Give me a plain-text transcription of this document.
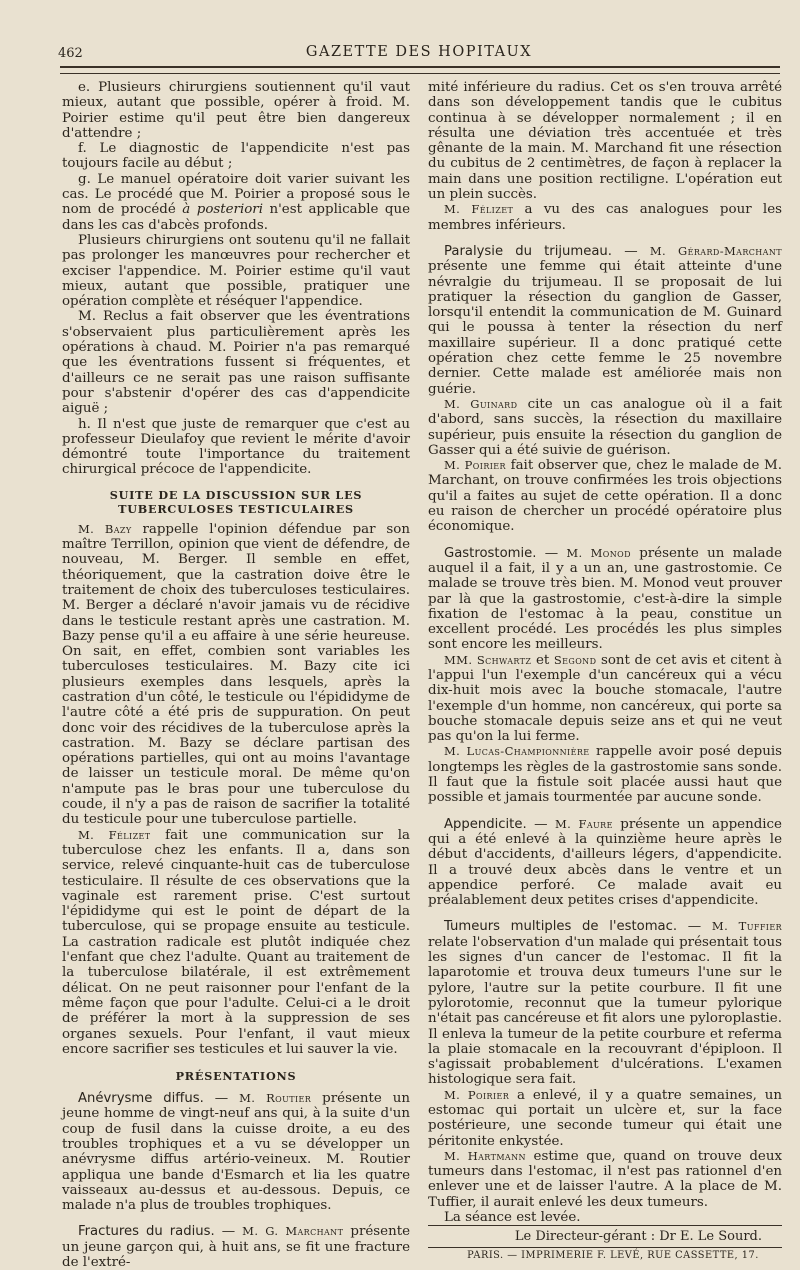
462	GAZETTE DES HOPITAUX

e. Plusieurs chirurgiens soutiennent qu'il vaut mieux, autant que possible, opérer à froid. M. Poirier estime qu'il peut être bien dangereux d'attendre ;

f. Le diagnostic de l'appendicite n'est pas toujours facile au début ;

g. Le manuel opératoire doit varier suivant les cas. Le procédé que M. Poirier a proposé sous le nom de procédé à posteriori n'est applicable que dans les cas d'abcès profonds.

Plusieurs chirurgiens ont soutenu qu'il ne fallait pas prolonger les manœuvres pour rechercher et exciser l'appendice. M. Poirier estime qu'il vaut mieux, autant que possible, pratiquer une opération complète et réséquer l'appendice.

M. Reclus a fait observer que les éventrations s'observaient plus particulièrement après les opérations à chaud. M. Poirier n'a pas remarqué que les éventrations fussent si fréquentes, et d'ailleurs ce ne serait pas une raison suffisante pour s'abstenir d'opérer des cas d'appendicite aiguë ;

h. Il n'est que juste de remarquer que c'est au professeur Dieulafoy que revient le mérite d'avoir démontré toute l'importance du traitement chirurgical précoce de l'appendicite.

SUITE DE LA DISCUSSION SUR LES TUBERCULOSES TESTICULAIRES

M. Bazy rappelle l'opinion défendue par son maître Terrillon, opinion que vient de défendre, de nouveau, M. Berger. Il semble en effet, théoriquement, que la castration doive être le traitement de choix des tuberculoses testiculaires. M. Berger a déclaré n'avoir jamais vu de récidive dans le testicule restant après une castration. M. Bazy pense qu'il a eu affaire à une série heureuse. On sait, en effet, combien sont variables les tuberculoses testiculaires. M. Bazy cite ici plusieurs exemples dans lesquels, après la castration d'un côté, le testicule ou l'épididyme de l'autre côté a été pris de suppuration. On peut donc voir des récidives de la tuberculose après la castration. M. Bazy se déclare partisan des opérations partielles, qui ont au moins l'avantage de laisser un testicule moral. De même qu'on n'ampute pas le bras pour une tuberculose du coude, il n'y a pas de raison de sacrifier la totalité du testicule pour une tuberculose partielle.

M. Félizet fait une communication sur la tuberculose chez les enfants. Il a, dans son service, relevé cinquante-huit cas de tuberculose testiculaire. Il résulte de ces observations que la vaginale est rarement prise. C'est surtout l'épididyme qui est le point de départ de la tuberculose, qui se propage ensuite au testicule. La castration radicale est plutôt indiquée chez l'enfant que chez l'adulte. Quant au traitement de la tuberculose bilatérale, il est extrêmement délicat. On ne peut raisonner pour l'enfant de la même façon que pour l'adulte. Celui-ci a le droit de préférer la mort à la suppression de ses organes sexuels. Pour l'enfant, il vaut mieux encore sacrifier ses testicules et lui sauver la vie.

PRÉSENTATIONS

Anévrysme diffus. — M. Routier présente un jeune homme de vingt-neuf ans qui, à la suite d'un coup de fusil dans la cuisse droite, a eu des troubles trophiques et a vu se développer un anévrysme diffus artério-veineux. M. Routier appliqua une bande d'Esmarch et lia les quatre vaisseaux au-dessus et au-dessous. Depuis, ce malade n'a plus de troubles trophiques.

Fractures du radius. — M. G. Marchant présente un jeune garçon qui, à huit ans, se fit une fracture de l'extré-

mité inférieure du radius. Cet os s'en trouva arrêté dans son développement tandis que le cubitus continua à se développer normalement ; il en résulta une déviation très accentuée et très gênante de la main. M. Marchand fit une résection du cubitus de 2 centimètres, de façon à replacer la main dans une position rectiligne. L'opération eut un plein succès.

M. Félizet a vu des cas analogues pour les membres inférieurs.

Paralysie du trijumeau. — M. Gérard-Marchant présente une femme qui était atteinte d'une névralgie du trijumeau. Il se proposait de lui pratiquer la résection du ganglion de Gasser, lorsqu'il entendit la communication de M. Guinard qui le poussa à tenter la résection du nerf maxillaire supérieur. Il a donc pratiqué cette opération chez cette femme le 25 novembre dernier. Cette malade est améliorée mais non guérie.

M. Guinard cite un cas analogue où il a fait d'abord, sans succès, la résection du maxillaire supérieur, puis ensuite la résection du ganglion de Gasser qui a été suivie de guérison.

M. Poirier fait observer que, chez le malade de M. Marchant, on trouve confirmées les trois objections qu'il a faites au sujet de cette opération. Il a donc eu raison de chercher un procédé opératoire plus économique.

Gastrostomie. — M. Monod présente un malade auquel il a fait, il y a un an, une gastrostomie. Ce malade se trouve très bien. M. Monod veut prouver par là que la gastrostomie, c'est-à-dire la simple fixation de l'estomac à la peau, constitue un excellent procédé. Les procédés les plus simples sont encore les meilleurs.

MM. Schwartz et Segond sont de cet avis et citent à l'appui l'un l'exemple d'un cancéreux qui a vécu dix-huit mois avec la bouche stomacale, l'autre l'exemple d'un homme, non cancéreux, qui porte sa bouche stomacale depuis seize ans et qui ne veut pas qu'on la lui ferme.

M. Lucas-Championnière rappelle avoir posé depuis longtemps les règles de la gastrostomie sans sonde. Il faut que la fistule soit placée aussi haut que possible et jamais tourmentée par aucune sonde.

Appendicite. — M. Faure présente un appendice qui a été enlevé à la quinzième heure après le début d'accidents, d'ailleurs légers, d'appendicite. Il a trouvé deux abcès dans le ventre et un appendice perforé. Ce malade avait eu préalablement deux petites crises d'appendicite.

Tumeurs multiples de l'estomac. — M. Tuffier relate l'observation d'un malade qui présentait tous les signes d'un cancer de l'estomac. Il fit la laparotomie et trouva deux tumeurs l'une sur le pylore, l'autre sur la petite courbure. Il fit une pylorotomie, reconnut que la tumeur pylorique n'était pas cancéreuse et fit alors une pyloroplastie. Il enleva la tumeur de la petite courbure et referma la plaie stomacale en la recouvrant d'épiploon. Il s'agissait probablement d'ulcérations. L'examen histologique sera fait.

M. Poirier a enlevé, il y a quatre semaines, un estomac qui portait un ulcère et, sur la face postérieure, une seconde tumeur qui était une péritonite enkystée.

M. Hartmann estime que, quand on trouve deux tumeurs dans l'estomac, il n'est pas rationnel d'en enlever une et de laisser l'autre. A la place de M. Tuffier, il aurait enlevé les deux tumeurs.

La séance est levée.

Le Directeur-gérant : Dr E. Le Sourd.

PARIS. — IMPRIMERIE F. LEVÉ, RUE CASSETTE, 17.
